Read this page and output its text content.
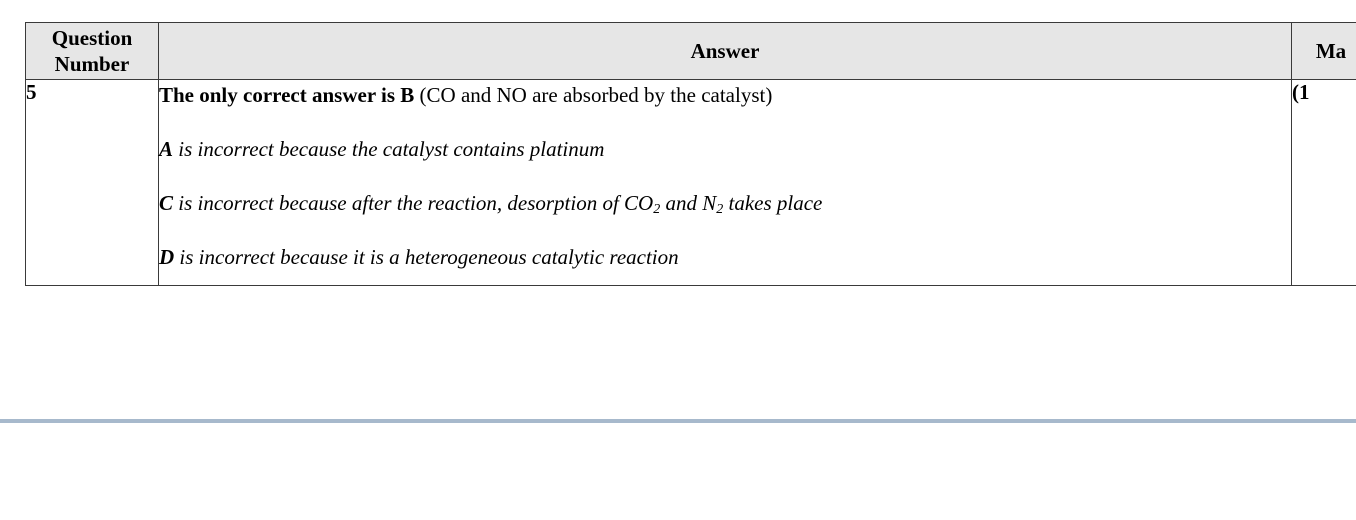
Question Number	Answer	Ma
5	The only correct answer is B (CO and NO are absorbed by the catalyst)
A is incorrect because the catalyst contains platinum
C is incorrect because after the reaction, desorption of $CO_2$ and $N_2$ takes place
D is incorrect because it is a heterogeneous catalytic reaction	(1
